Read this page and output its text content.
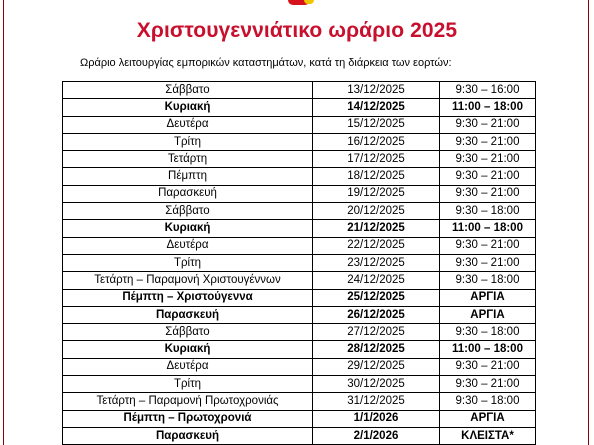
Χριστουγεννιάτικο ωράριο 2025
Ωράριο λειτουργίας εμπορικών καταστημάτων, κατά τη διάρκεια των εορτών:
Σάββατο	13/12/2025	9:30 – 16:00
Κυριακή	14/12/2025	11:00 – 18:00
Δευτέρα	15/12/2025	9:30 – 21:00
Τρίτη	16/12/2025	9:30 – 21:00
Τετάρτη	17/12/2025	9:30 – 21:00
Πέμπτη	18/12/2025	9:30 – 21:00
Παρασκευή	19/12/2025	9:30 – 21:00
Σάββατο	20/12/2025	9:30 – 18:00
Κυριακή	21/12/2025	11:00 – 18:00
Δευτέρα	22/12/2025	9:30 – 21:00
Τρίτη	23/12/2025	9:30 – 21:00
Τετάρτη – Παραμονή Χριστουγέννων	24/12/2025	9:30 – 18:00
Πέμπτη – Χριστούγεννα	25/12/2025	ΑΡΓΙΑ
Παρασκευή	26/12/2025	ΑΡΓΙΑ
Σάββατο	27/12/2025	9:30 – 18:00
Κυριακή	28/12/2025	11:00 – 18:00
Δευτέρα	29/12/2025	9:30 – 21:00
Τρίτη	30/12/2025	9:30 – 21:00
Τετάρτη – Παραμονή Πρωτοχρονιάς	31/12/2025	9:30 – 18:00
Πέμπτη – Πρωτοχρονιά	1/1/2026	ΑΡΓΙΑ
Παρασκευή	2/1/2026	ΚΛΕΙΣΤΑ*
